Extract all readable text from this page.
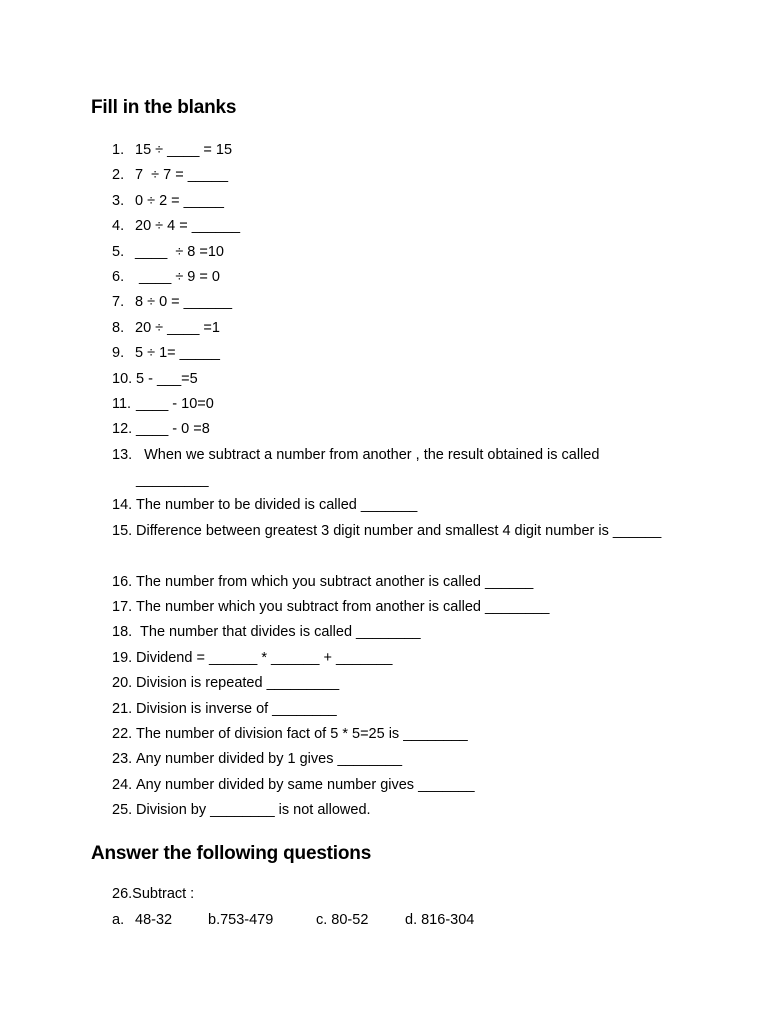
Fill in the blanks
1. 15 ÷ ____ = 15
2. 7  ÷ 7 = _____
3. 0 ÷ 2 = _____
4. 20 ÷ 4 = ______
5. ____  ÷ 8 =10
6. ____ ÷ 9 = 0
7. 8 ÷ 0 = ______
8. 20 ÷ ____ =1
9. 5 ÷ 1= _____
10. 5 - ___=5
11. ____ - 10=0
12. ____ - 0 =8
13. When we subtract a number from another , the result obtained is called _________
14. The number to be divided is called _______
15. Difference between greatest 3 digit number and smallest 4 digit number is ______
16. The number from which you subtract another is called ______
17. The number which you subtract from another is called ________
18. The number that divides is called ________
19. Dividend = ______ * ______ + _______
20. Division is repeated _________
21. Division is inverse of ________
22. The number of division fact of 5 * 5=25 is ________
23. Any number divided by 1 gives ________
24. Any number divided by same number gives _______
25. Division by ________ is not allowed.
Answer the following questions
26.Subtract :
a. 48-32 b.753-479	c. 80-52	d. 816-304
